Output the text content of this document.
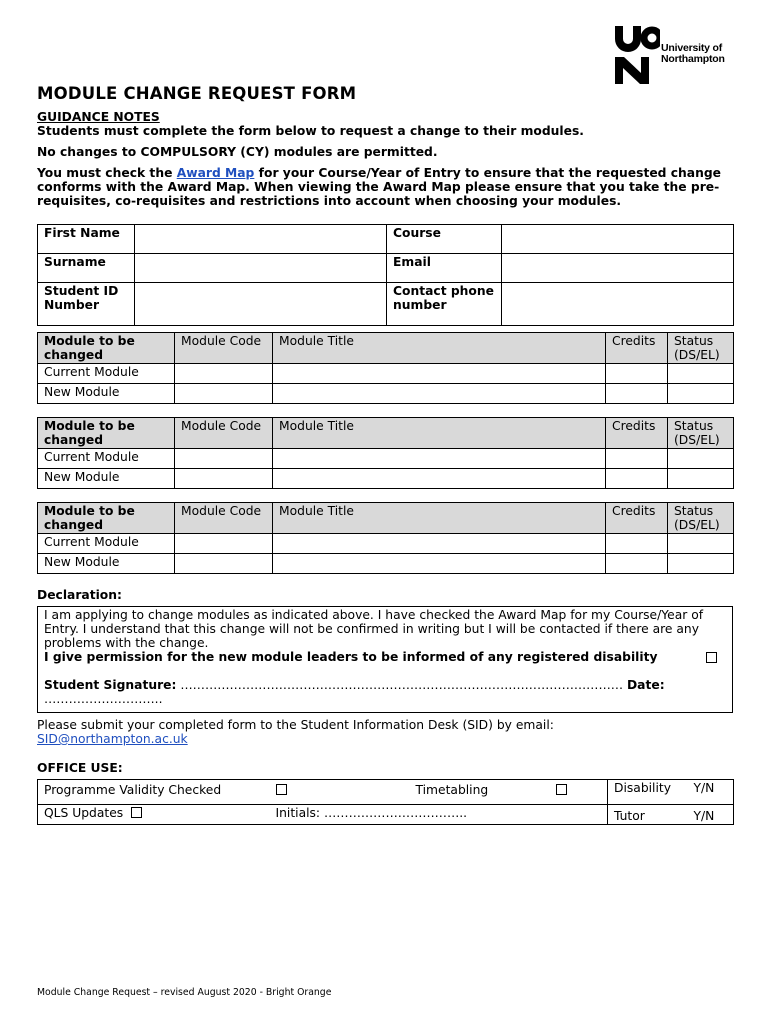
University of
Northampton
MODULE CHANGE REQUEST FORM
GUIDANCE NOTES

Students must complete the form below to request a change to their modules.

No changes to COMPULSORY (CY) modules are permitted.

You must check the Award Map for your Course/Year of Entry to ensure that the requested change conforms with the Award Map. When viewing the Award Map please ensure that you take the pre-requisites, co-requisites and restrictions into account when choosing your modules.

First Name		Course	
Surname		Email	
Student ID Number		Contact phone number	
Module to be changed	Module Code	Module Title	Credits	Status (DS/EL)
Current Module				
New Module				
Module to be changed	Module Code	Module Title	Credits	Status (DS/EL)
Current Module				
New Module				
Module to be changed	Module Code	Module Title	Credits	Status (DS/EL)
Current Module				
New Module				
Declaration:

I am applying to change modules as indicated above. I have checked the Award Map for my Course/Year of Entry. I understand that this change will not be confirmed in writing but I will be contacted if there are any problems with the change.

I give permission for the new module leaders to be informed of any registered disability

Student Signature: ……………………………………………………………………………………………… Date: ………………………..

Please submit your completed form to the Student Information Desk (SID) by email:
SID@northampton.ac.uk
OFFICE USE:
Programme Validity Checked		Timetabling		Disability	Y/N
QLS Updates	Initials: ……………………………..			Tutor	Y/N
Module Change Request – revised August 2020 - Bright Orange
